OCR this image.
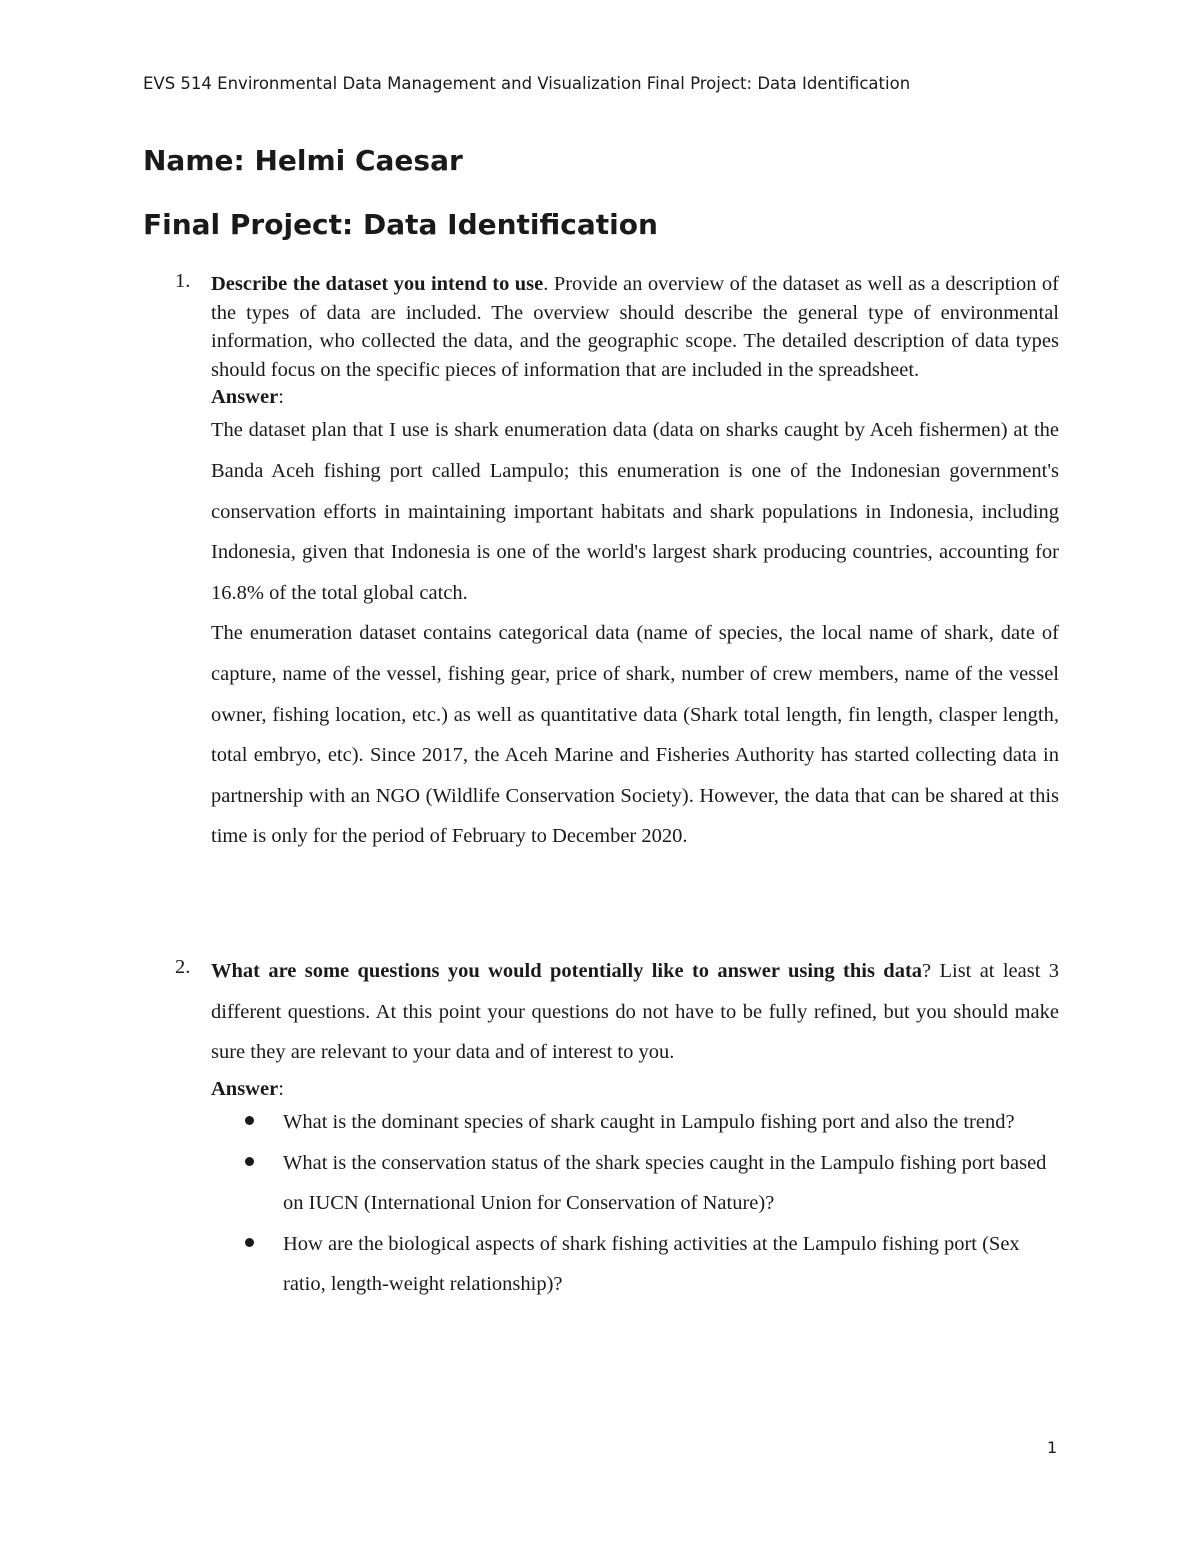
EVS 514 Environmental Data Management and Visualization Final Project: Data Identification
Name: Helmi Caesar
Final Project: Data Identification
1. Describe the dataset you intend to use. Provide an overview of the dataset as well as a description of the types of data are included. The overview should describe the general type of environmental information, who collected the data, and the geographic scope. The detailed description of data types should focus on the specific pieces of information that are included in the spreadsheet.
Answer:

The dataset plan that I use is shark enumeration data (data on sharks caught by Aceh fishermen) at the Banda Aceh fishing port called Lampulo; this enumeration is one of the Indonesian government's conservation efforts in maintaining important habitats and shark populations in Indonesia, including Indonesia, given that Indonesia is one of the world's largest shark producing countries, accounting for 16.8% of the total global catch.

The enumeration dataset contains categorical data (name of species, the local name of shark, date of capture, name of the vessel, fishing gear, price of shark, number of crew members, name of the vessel owner, fishing location, etc.) as well as quantitative data (Shark total length, fin length, clasper length, total embryo, etc). Since 2017, the Aceh Marine and Fisheries Authority has started collecting data in partnership with an NGO (Wildlife Conservation Society). However, the data that can be shared at this time is only for the period of February to December 2020.

2. What are some questions you would potentially like to answer using this data? List at least 3 different questions. At this point your questions do not have to be fully refined, but you should make sure they are relevant to your data and of interest to you.
Answer:
What is the dominant species of shark caught in Lampulo fishing port and also the trend?
What is the conservation status of the shark species caught in the Lampulo fishing port based on IUCN (International Union for Conservation of Nature)?
How are the biological aspects of shark fishing activities at the Lampulo fishing port (Sex ratio, length-weight relationship)?
1
